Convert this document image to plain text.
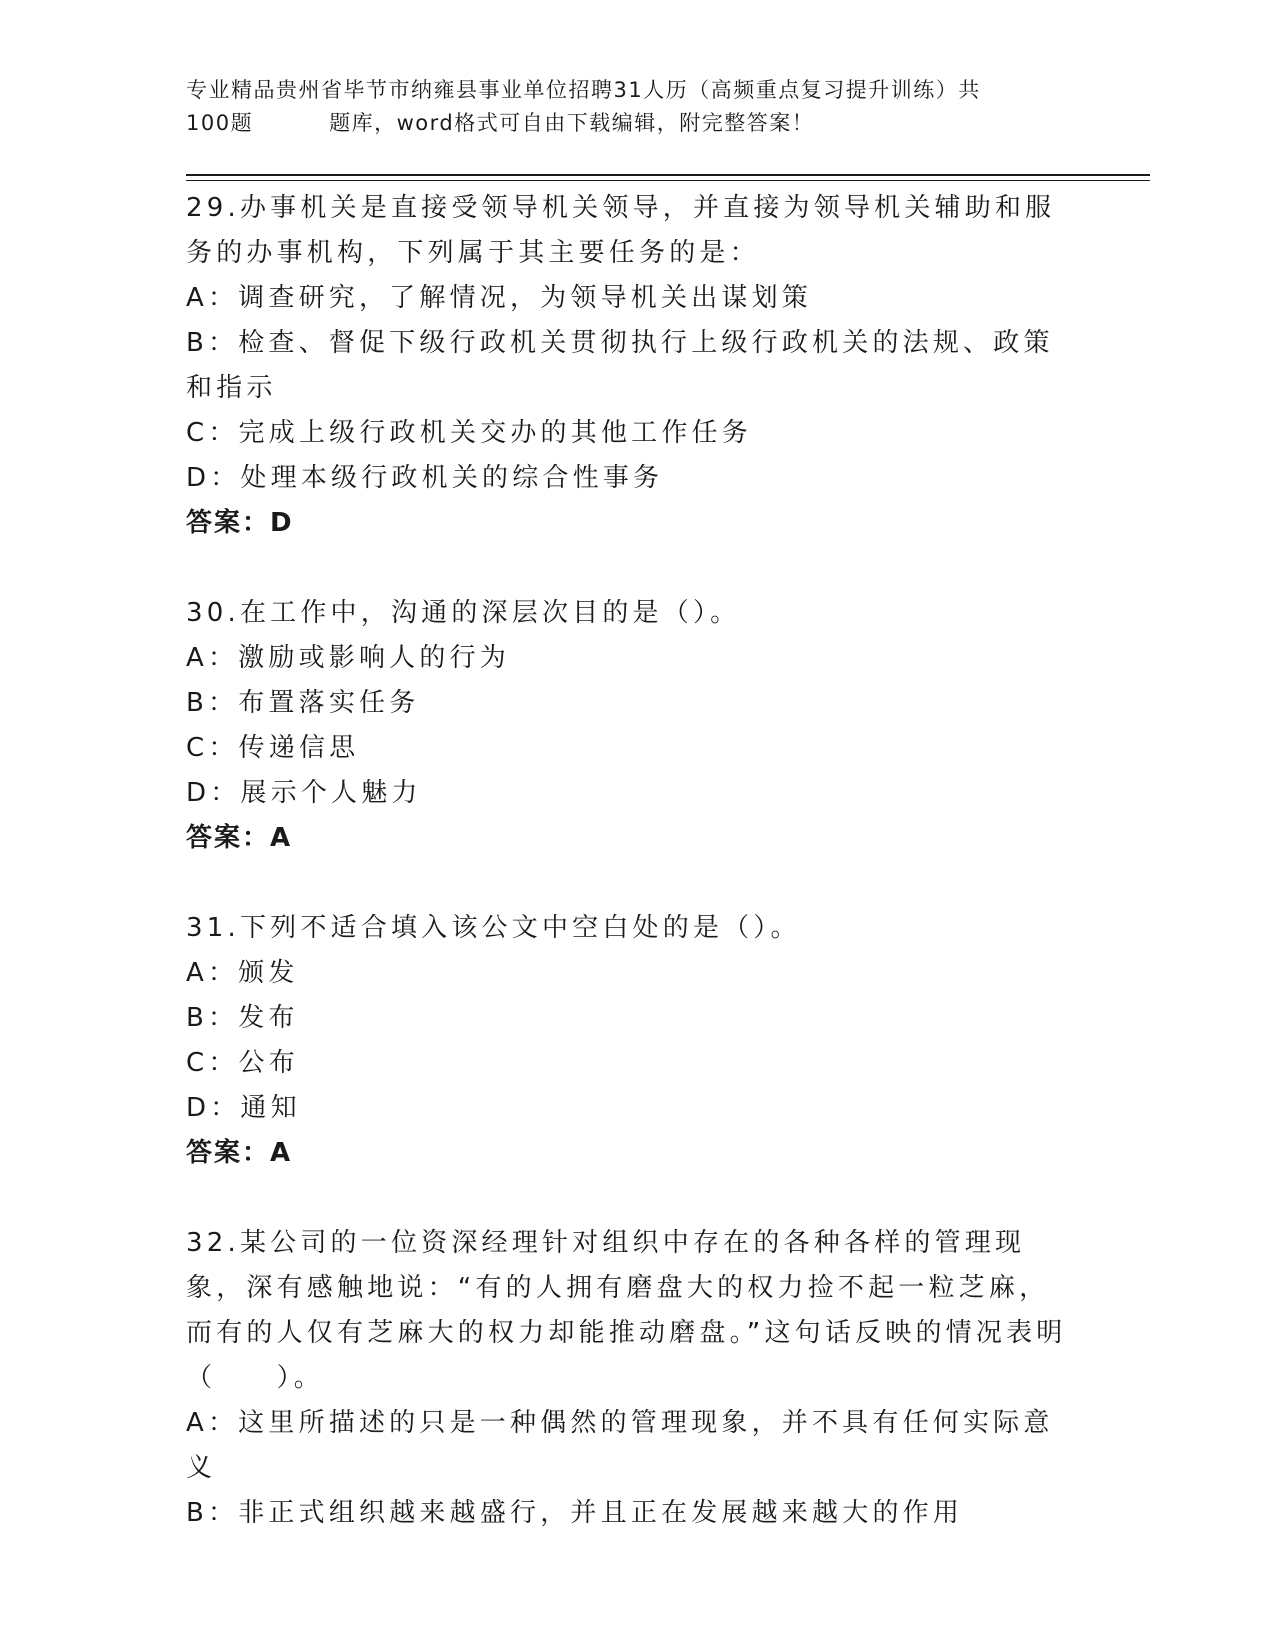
专业精品贵州省毕节市纳雍县事业单位招聘31人历（高频重点复习提升训练）共
100题	题库，word格式可自由下载编辑，附完整答案！
29.办事机关是直接受领导机关领导，并直接为领导机关辅助和服务的办事机构，下列属于其主要任务的是：
A：调查研究，了解情况，为领导机关出谋划策
B：检查、督促下级行政机关贯彻执行上级行政机关的法规、政策和指示
C：完成上级行政机关交办的其他工作任务
D：处理本级行政机关的综合性事务
答案：D
30.在工作中，沟通的深层次目的是（）。
A：激励或影响人的行为
B：布置落实任务
C：传递信思
D：展示个人魅力
答案：A
31.下列不适合填入该公文中空白处的是（）。
A：颁发
B：发布
C：公布
D：通知
答案：A
32.某公司的一位资深经理针对组织中存在的各种各样的管理现象，深有感触地说：“有的人拥有磨盘大的权力捡不起一粒芝麻，而有的人仅有芝麻大的权力却能推动磨盘。”这句话反映的情况表明（　　）。
A：这里所描述的只是一种偶然的管理现象，并不具有任何实际意义
B：非正式组织越来越盛行，并且正在发展越来越大的作用
